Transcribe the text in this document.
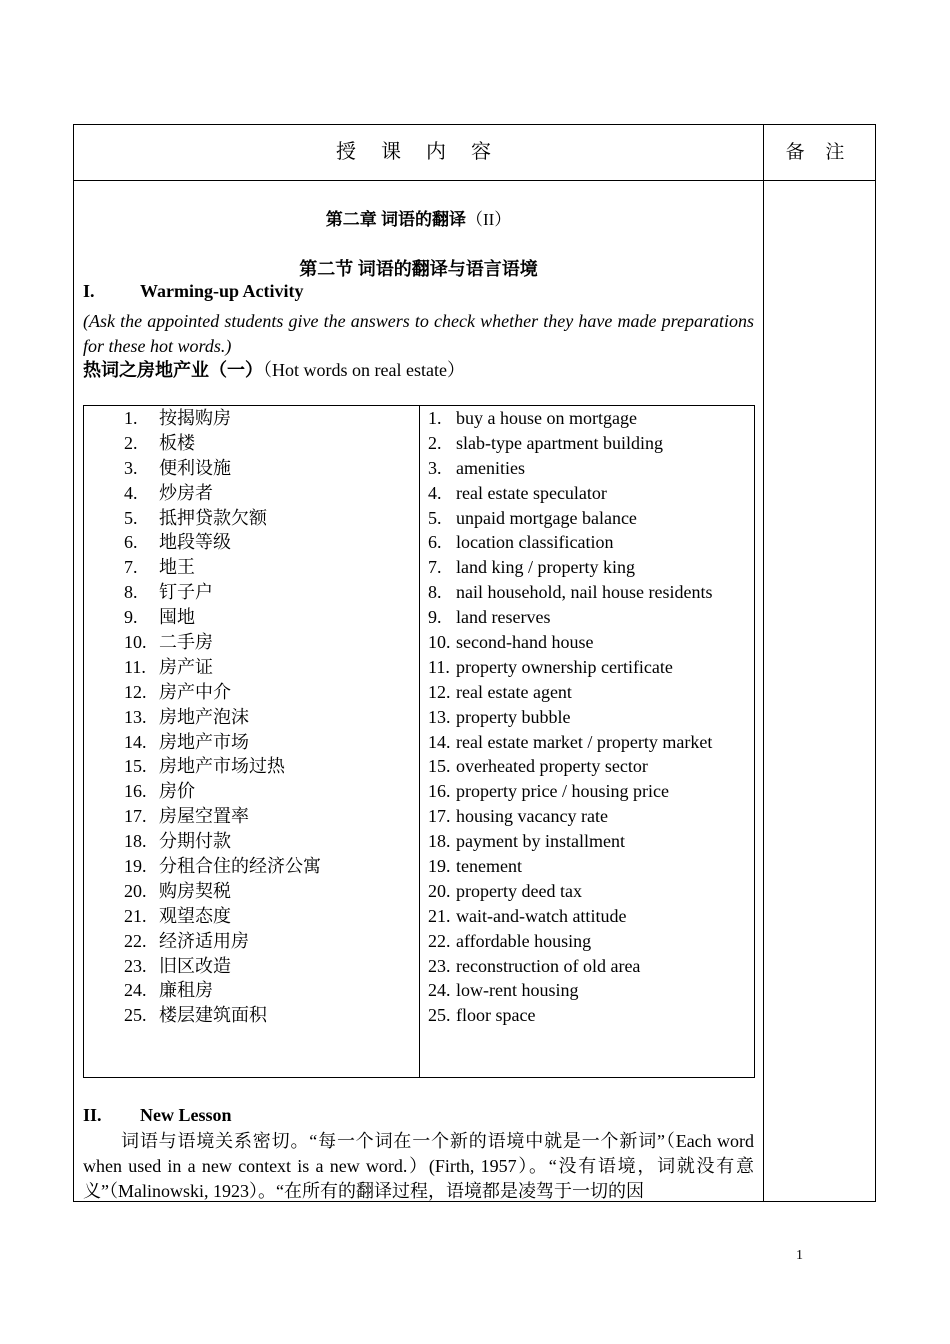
授 课 内 容	备 注
第二章 词语的翻译（II）
第二节 词语的翻译与语言语境
I.	Warming-up Activity
(Ask the appointed students give the answers to check whether they have made preparations for these hot words.)
热词之房地产业（一）（Hot words on real estate）
1. 按揭购房
2. 板楼
3. 便利设施
4. 炒房者
5. 抵押贷款欠额
6. 地段等级
7. 地王
8. 钉子户
9. 囤地
10. 二手房
11. 房产证
12. 房产中介
13. 房地产泡沫
14. 房地产市场
15. 房地产市场过热
16. 房价
17. 房屋空置率
18. 分期付款
19. 分租合住的经济公寓
20. 购房契税
21. 观望态度
22. 经济适用房
23. 旧区改造
24. 廉租房
25. 楼层建筑面积
1. buy a house on mortgage
2. slab-type apartment building
3. amenities
4. real estate speculator
5. unpaid mortgage balance
6. location classification
7. land king / property king
8. nail household, nail house residents
9. land reserves
10. second-hand house
11. property ownership certificate
12. real estate agent
13. property bubble
14. real estate market / property market
15. overheated property sector
16. property price / housing price
17. housing vacancy rate
18. payment by installment
19. tenement
20. property deed tax
21. wait-and-watch attitude
22. affordable housing
23. reconstruction of old area
24. low-rent housing
25. floor space
II. New Lesson
词语与语境关系密切。“每一个词在一个新的语境中就是一个新词”（Each word when used in a new context is a new word.）(Firth, 1957）。“没有语境，词就没有意义”（Malinowski, 1923）。“在所有的翻译过程，语境都是凌驾于一切的因
1
